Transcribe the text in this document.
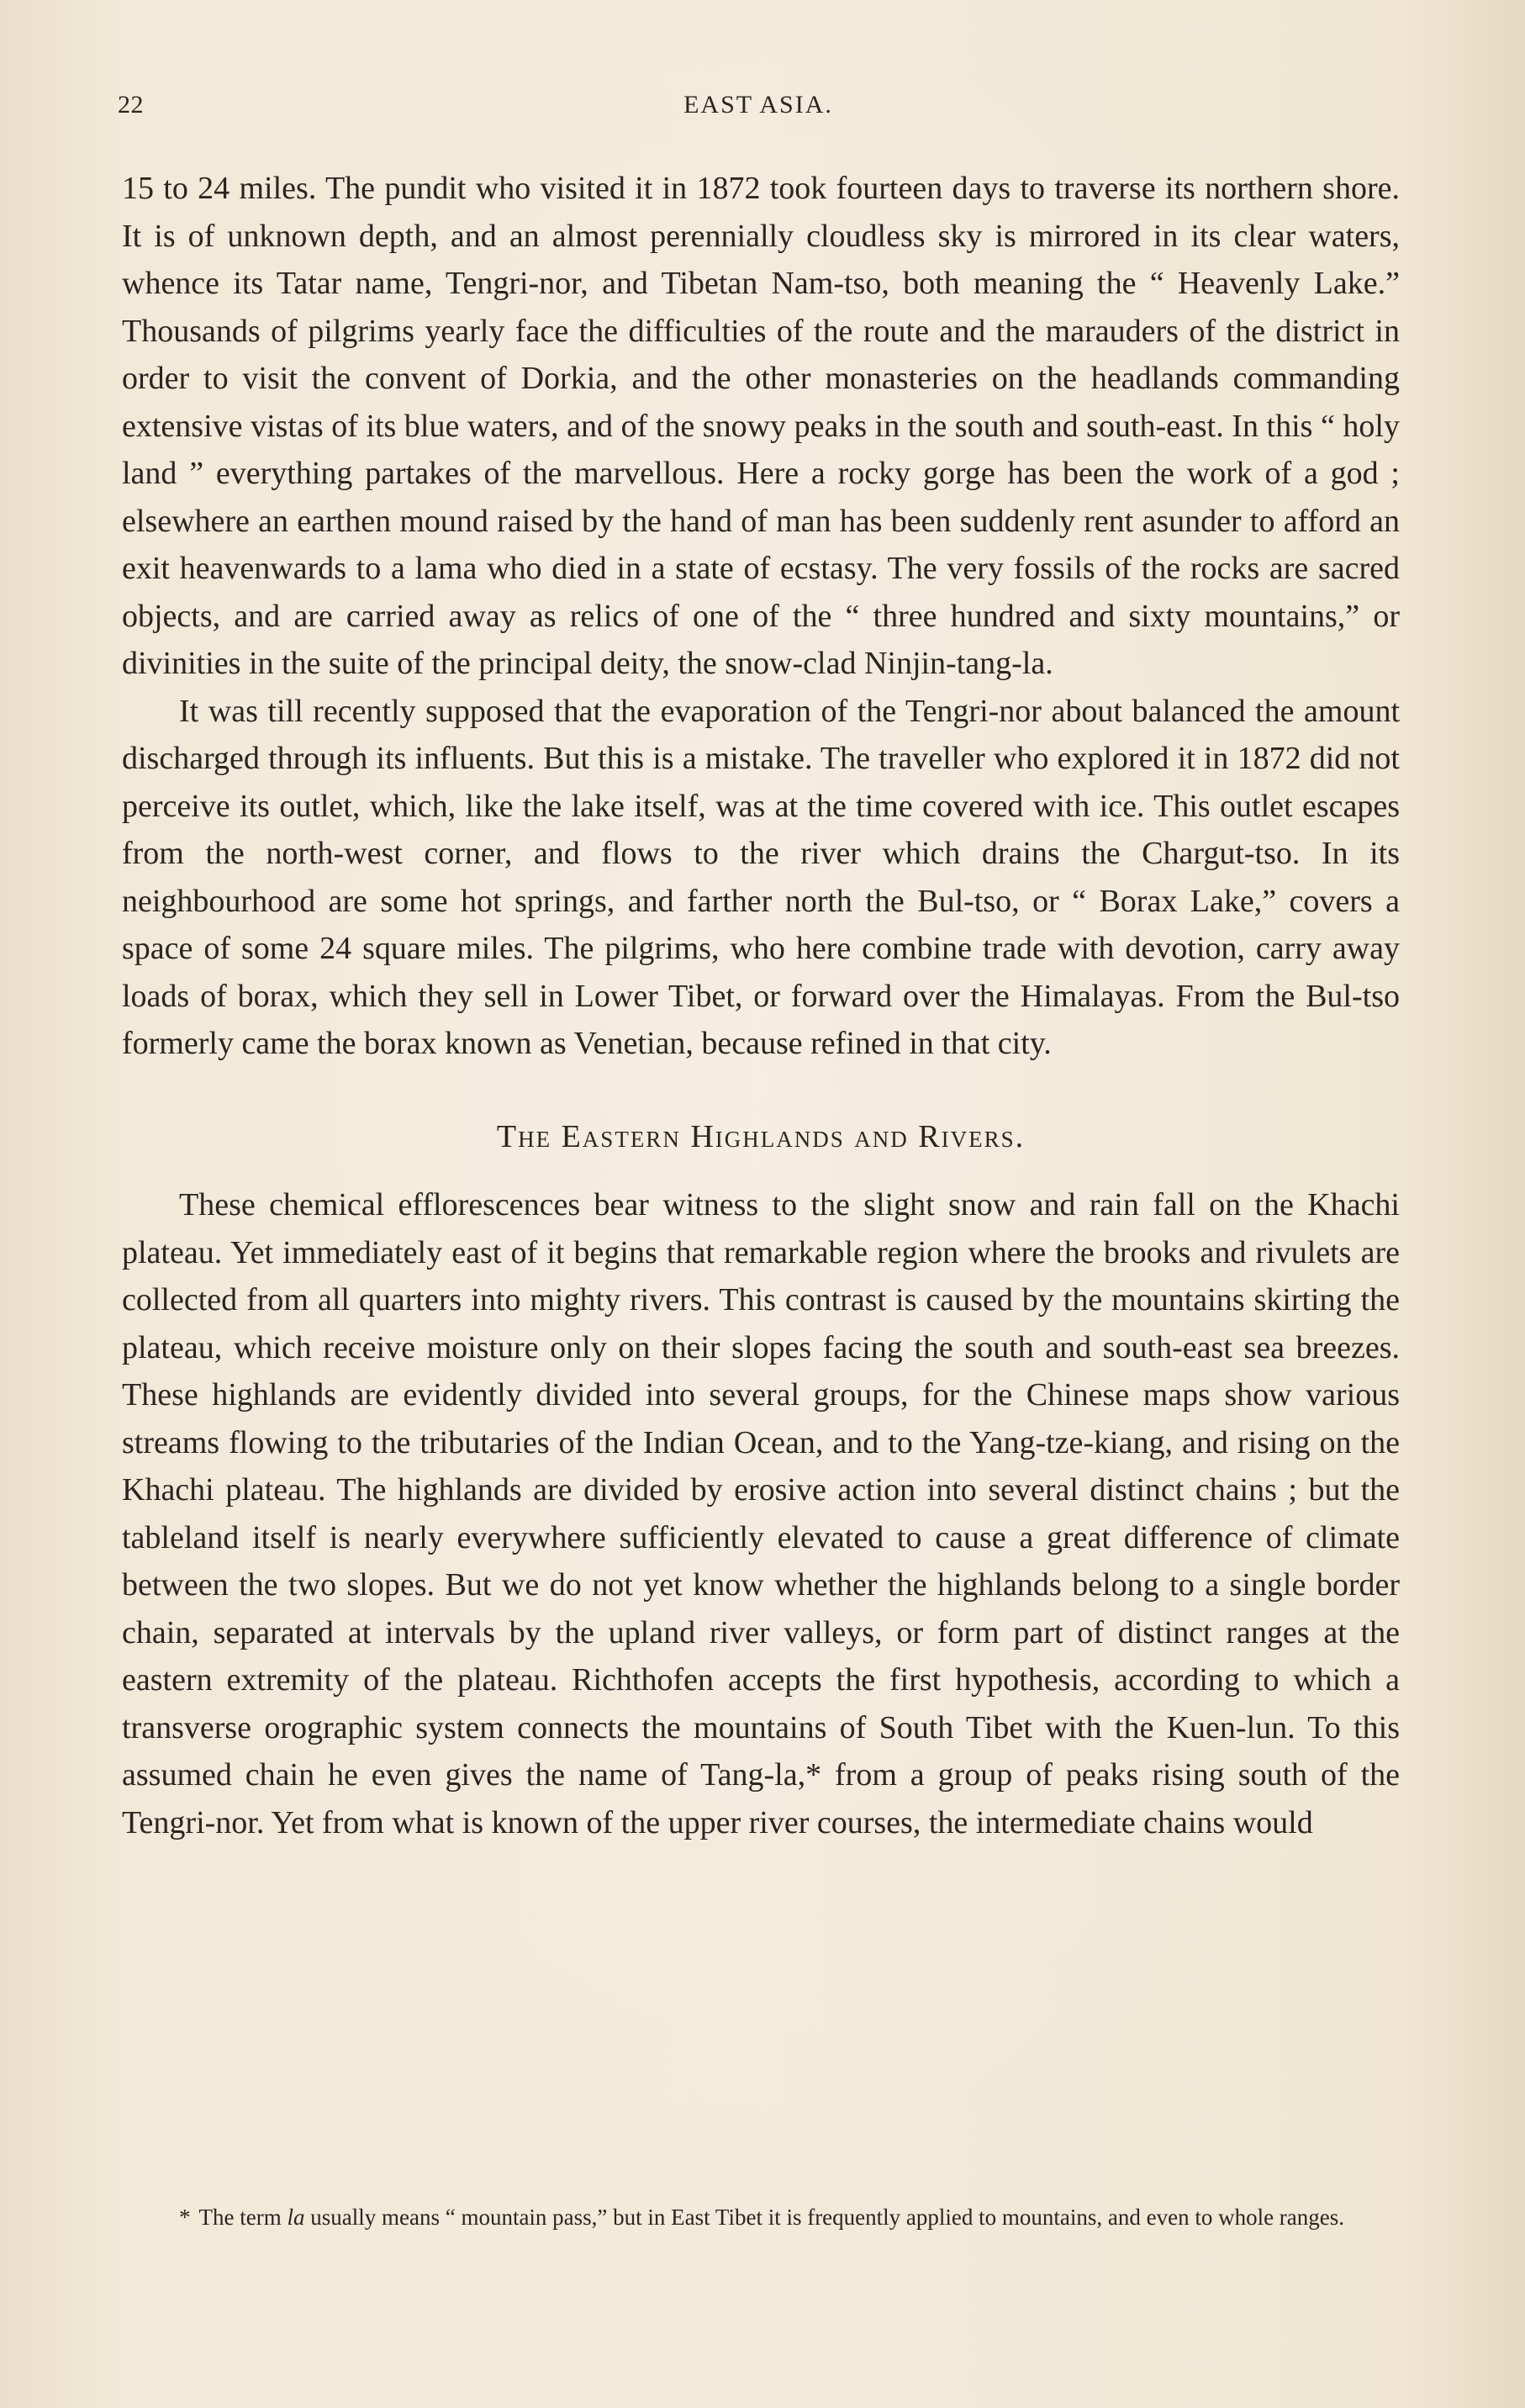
22	EAST ASIA.

15 to 24 miles. The pundit who visited it in 1872 took fourteen days to traverse its northern shore. It is of unknown depth, and an almost perennially cloudless sky is mirrored in its clear waters, whence its Tatar name, Tengri-nor, and Tibetan Nam-tso, both meaning the “ Heavenly Lake.” Thousands of pilgrims yearly face the difficulties of the route and the marauders of the district in order to visit the convent of Dorkia, and the other monasteries on the headlands commanding extensive vistas of its blue waters, and of the snowy peaks in the south and south-east. In this “ holy land ” everything partakes of the marvellous. Here a rocky gorge has been the work of a god ; elsewhere an earthen mound raised by the hand of man has been suddenly rent asunder to afford an exit heavenwards to a lama who died in a state of ecstasy. The very fossils of the rocks are sacred objects, and are carried away as relics of one of the “ three hundred and sixty mountains,” or divinities in the suite of the principal deity, the snow-clad Ninjin-tang-la.

It was till recently supposed that the evaporation of the Tengri-nor about balanced the amount discharged through its influents. But this is a mistake. The traveller who explored it in 1872 did not perceive its outlet, which, like the lake itself, was at the time covered with ice. This outlet escapes from the north-west corner, and flows to the river which drains the Chargut-tso. In its neighbourhood are some hot springs, and farther north the Bul-tso, or “ Borax Lake,” covers a space of some 24 square miles. The pilgrims, who here combine trade with devotion, carry away loads of borax, which they sell in Lower Tibet, or forward over the Himalayas. From the Bul-tso formerly came the borax known as Venetian, because refined in that city.

The Eastern Highlands and Rivers.

These chemical efflorescences bear witness to the slight snow and rain fall on the Khachi plateau. Yet immediately east of it begins that remarkable region where the brooks and rivulets are collected from all quarters into mighty rivers. This contrast is caused by the mountains skirting the plateau, which receive moisture only on their slopes facing the south and south-east sea breezes. These highlands are evidently divided into several groups, for the Chinese maps show various streams flowing to the tributaries of the Indian Ocean, and to the Yang-tze-kiang, and rising on the Khachi plateau. The highlands are divided by erosive action into several distinct chains ; but the tableland itself is nearly everywhere sufficiently elevated to cause a great difference of climate between the two slopes. But we do not yet know whether the highlands belong to a single border chain, separated at intervals by the upland river valleys, or form part of distinct ranges at the eastern extremity of the plateau. Richthofen accepts the first hypothesis, according to which a transverse orographic system connects the mountains of South Tibet with the Kuen-lun. To this assumed chain he even gives the name of Tang-la,* from a group of peaks rising south of the Tengri-nor. Yet from what is known of the upper river courses, the intermediate chains would

* The term la usually means “ mountain pass,” but in East Tibet it is frequently applied to mountains, and even to whole ranges.
